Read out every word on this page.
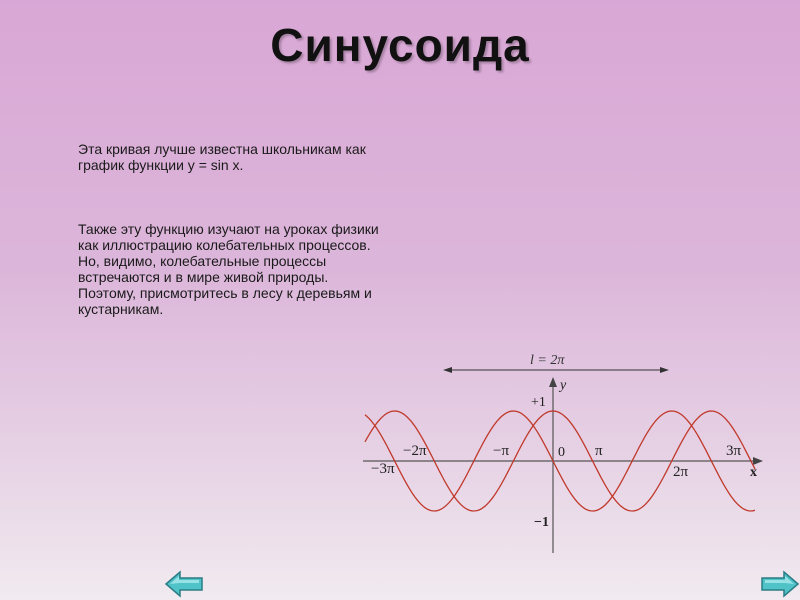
Синусоида
Эта кривая лучше известна школьникам как график функции y = sin x.
Также эту функцию изучают на уроках физики как иллюстрацию колебательных процессов. Но, видимо, колебательные процессы встречаются и в мире живой природы. Поэтому, присмотритесь в лесу к деревьям и кустарникам.
l = 2π
y
x
+1
−1
0
−3π
−2π	−π	π
2π
3π
